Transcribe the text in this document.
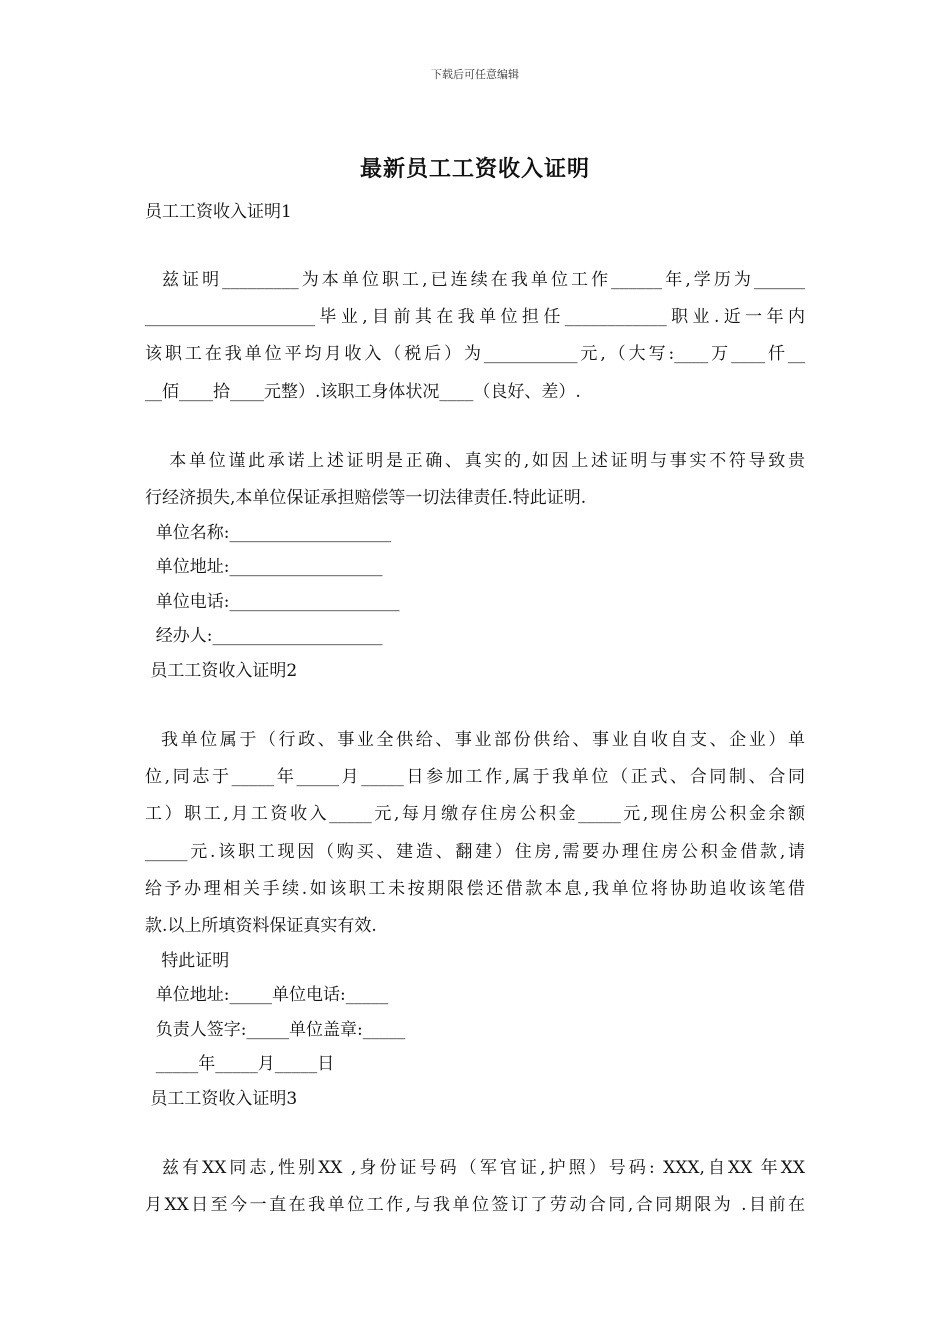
下载后可任意编辑
最新员工工资收入证明
员工工资收入证明1
兹证明_________为本单位职工,已连续在我单位工作______年,学历为______
____________________毕业,目前其在我单位担任____________职业.近一年内
该职工在我单位平均月收入（税后）为___________元,（大写:____万____仟__
__佰____拾____元整）.该职工身体状况____（良好、差）.
本单位谨此承诺上述证明是正确、真实的,如因上述证明与事实不符导致贵
行经济损失,本单位保证承担赔偿等一切法律责任.特此证明.
单位名称:___________________
单位地址:__________________
单位电话:____________________
经办人:____________________
员工工资收入证明2
我单位属于（行政、事业全供给、事业部份供给、事业自收自支、企业）单
位,同志于_____年_____月_____日参加工作,属于我单位（正式、合同制、合同
工）职工,月工资收入_____元,每月缴存住房公积金_____元,现住房公积金余额
_____元.该职工现因（购买、建造、翻建）住房,需要办理住房公积金借款,请
给予办理相关手续.如该职工未按期限偿还借款本息,我单位将协助追收该笔借
款.以上所填资料保证真实有效.
特此证明
单位地址:_____单位电话:_____
负责人签字:_____单位盖章:_____
_____年_____月_____日
员工工资收入证明3
兹有XX同志,性别XX ,身份证号码（军官证,护照）号码: XXX,自XX 年XX
月XX日至今一直在我单位工作,与我单位签订了劳动合同,合同期限为 .目前在
